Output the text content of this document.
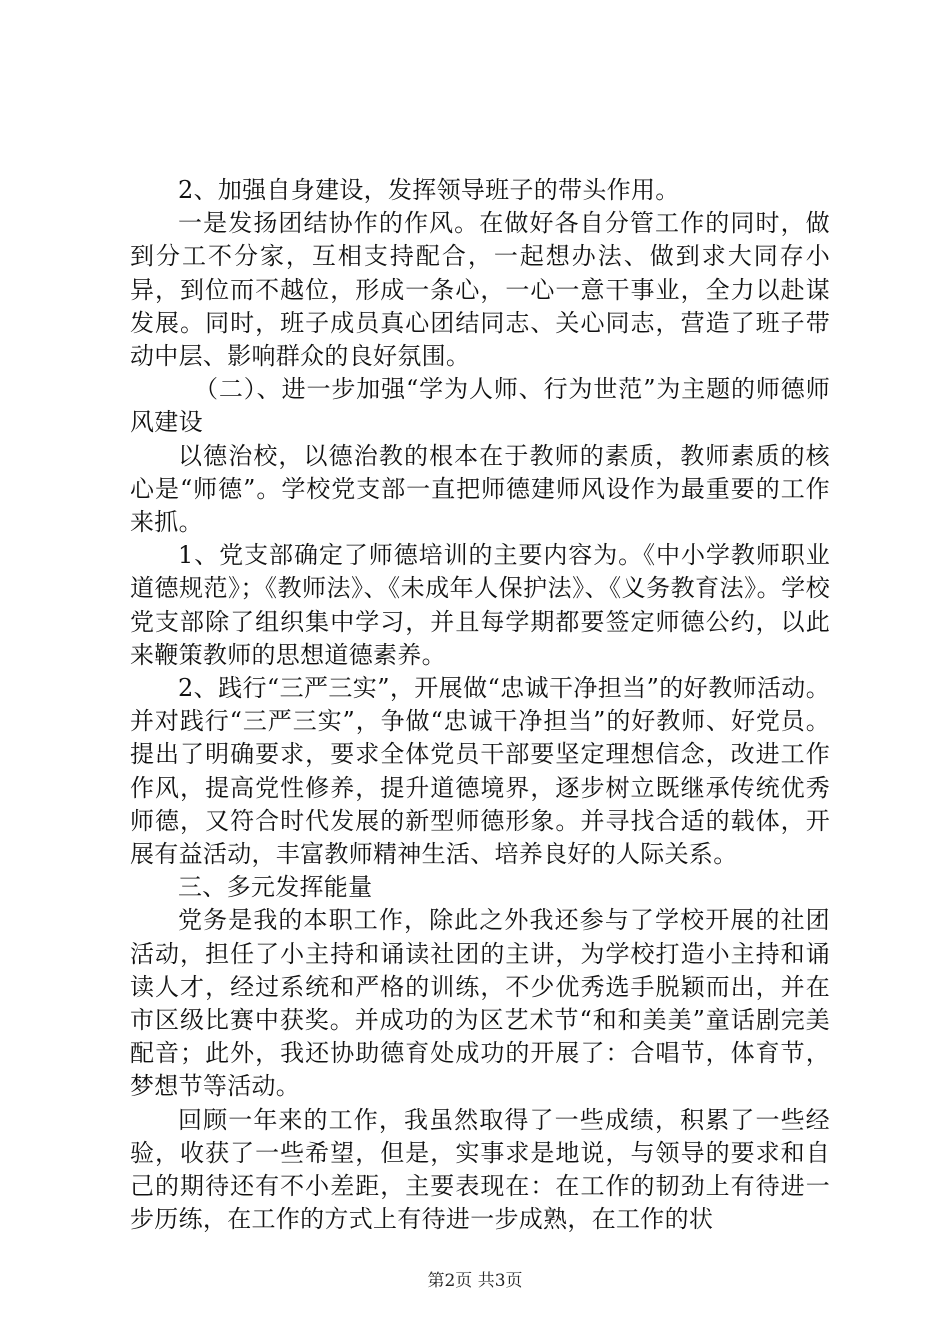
2、加强自身建设，发挥领导班子的带头作用。

一是发扬团结协作的作风。在做好各自分管工作的同时，做到分工不分家，互相支持配合，一起想办法、做到求大同存小异，到位而不越位，形成一条心，一心一意干事业，全力以赴谋发展。同时，班子成员真心团结同志、关心同志，营造了班子带动中层、影响群众的良好氛围。

（二）、进一步加强“学为人师、行为世范”为主题的师德师风建设

以德治校，以德治教的根本在于教师的素质，教师素质的核心是“师德”。学校党支部一直把师德建师风设作为最重要的工作来抓。

1、党支部确定了师德培训的主要内容为。《中小学教师职业道德规范》；《教师法》、《未成年人保护法》、《义务教育法》。学校党支部除了组织集中学习，并且每学期都要签定师德公约，以此来鞭策教师的思想道德素养。

2、践行“三严三实”，开展做“忠诚干净担当”的好教师活动。并对践行“三严三实”，争做“忠诚干净担当”的好教师、好党员。提出了明确要求，要求全体党员干部要坚定理想信念，改进工作作风，提高党性修养，提升道德境界，逐步树立既继承传统优秀师德，又符合时代发展的新型师德形象。并寻找合适的载体，开展有益活动，丰富教师精神生活、培养良好的人际关系。

三、多元发挥能量

党务是我的本职工作，除此之外我还参与了学校开展的社团活动，担任了小主持和诵读社团的主讲，为学校打造小主持和诵读人才，经过系统和严格的训练，不少优秀选手脱颖而出，并在市区级比赛中获奖。并成功的为区艺术节“和和美美”童话剧完美配音；此外，我还协助德育处成功的开展了：合唱节，体育节，梦想节等活动。

回顾一年来的工作，我虽然取得了一些成绩，积累了一些经验，收获了一些希望，但是，实事求是地说，与领导的要求和自己的期待还有不小差距，主要表现在：在工作的韧劲上有待进一步历练，在工作的方式上有待进一步成熟，在工作的状

第2页 共3页
